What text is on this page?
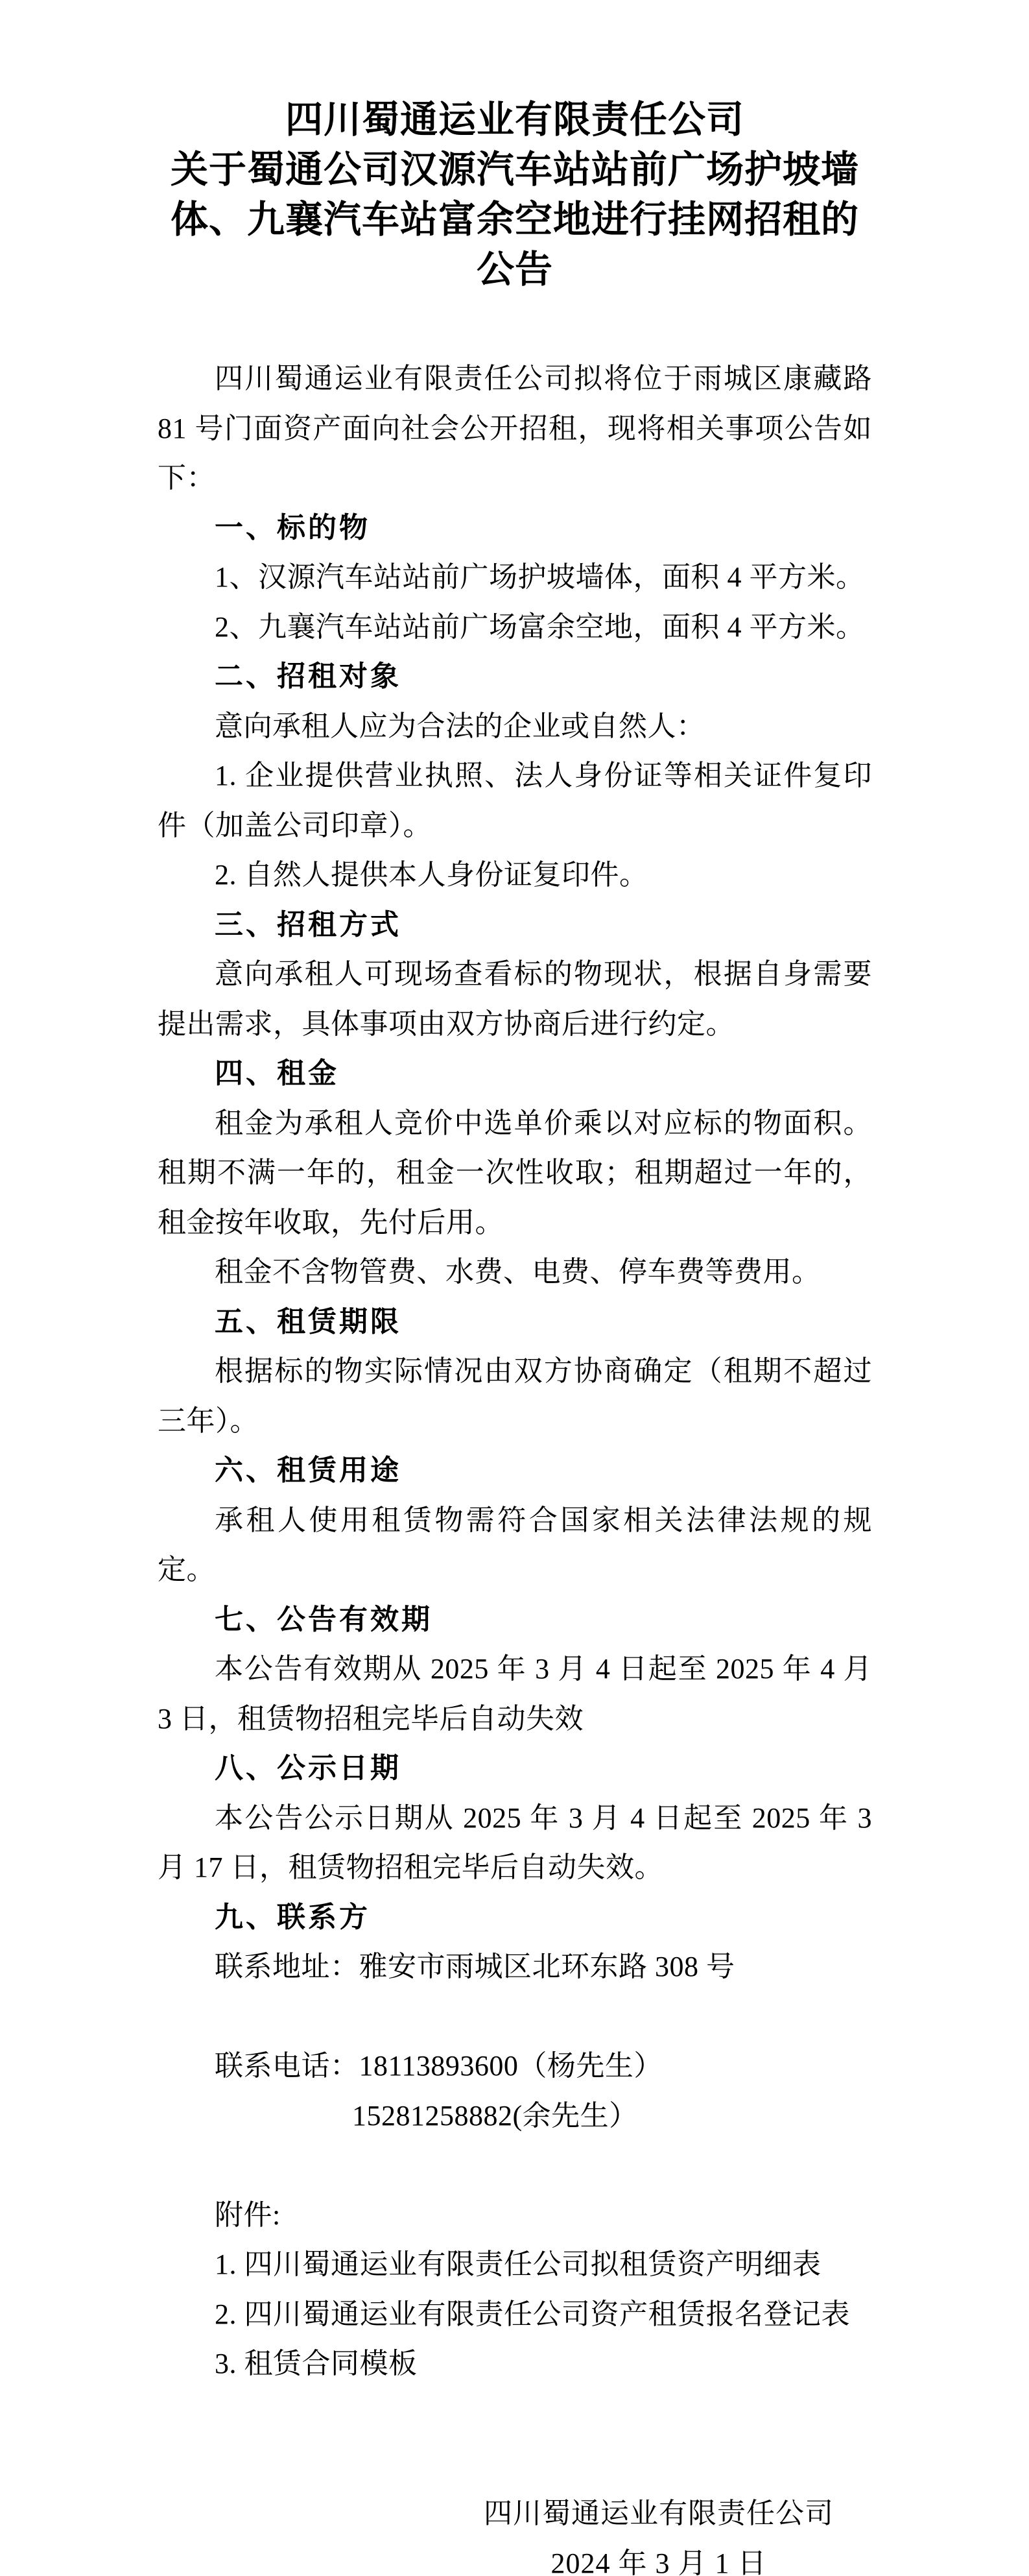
四川蜀通运业有限责任公司
关于蜀通公司汉源汽车站站前广场护坡墙
体、九襄汽车站富余空地进行挂网招租的
公告

四川蜀通运业有限责任公司拟将位于雨城区康藏路 81 号门面资产面向社会公开招租，现将相关事项公告如下：

一、标的物

1、汉源汽车站站前广场护坡墙体，面积 4 平方米。

2、九襄汽车站站前广场富余空地，面积 4 平方米。

二、招租对象

意向承租人应为合法的企业或自然人：

1. 企业提供营业执照、法人身份证等相关证件复印件（加盖公司印章）。

2. 自然人提供本人身份证复印件。

三、招租方式

意向承租人可现场查看标的物现状，根据自身需要提出需求，具体事项由双方协商后进行约定。

四、租金

租金为承租人竞价中选单价乘以对应标的物面积。租期不满一年的，租金一次性收取；租期超过一年的，租金按年收取，先付后用。

租金不含物管费、水费、电费、停车费等费用。

五、租赁期限

根据标的物实际情况由双方协商确定（租期不超过三年）。

六、租赁用途

承租人使用租赁物需符合国家相关法律法规的规定。

七、公告有效期

本公告有效期从 2025 年 3 月 4 日起至 2025 年 4 月 3 日，租赁物招租完毕后自动失效

八、公示日期

本公告公示日期从 2025 年 3 月 4 日起至 2025 年 3 月 17 日，租赁物招租完毕后自动失效。

九、联系方

联系地址：雅安市雨城区北环东路 308 号

联系电话：18113893600（杨先生）

15281258882(余先生）

附件:

1. 四川蜀通运业有限责任公司拟租赁资产明细表

2. 四川蜀通运业有限责任公司资产租赁报名登记表

3. 租赁合同模板

四川蜀通运业有限责任公司
2024 年 3 月 1 日
